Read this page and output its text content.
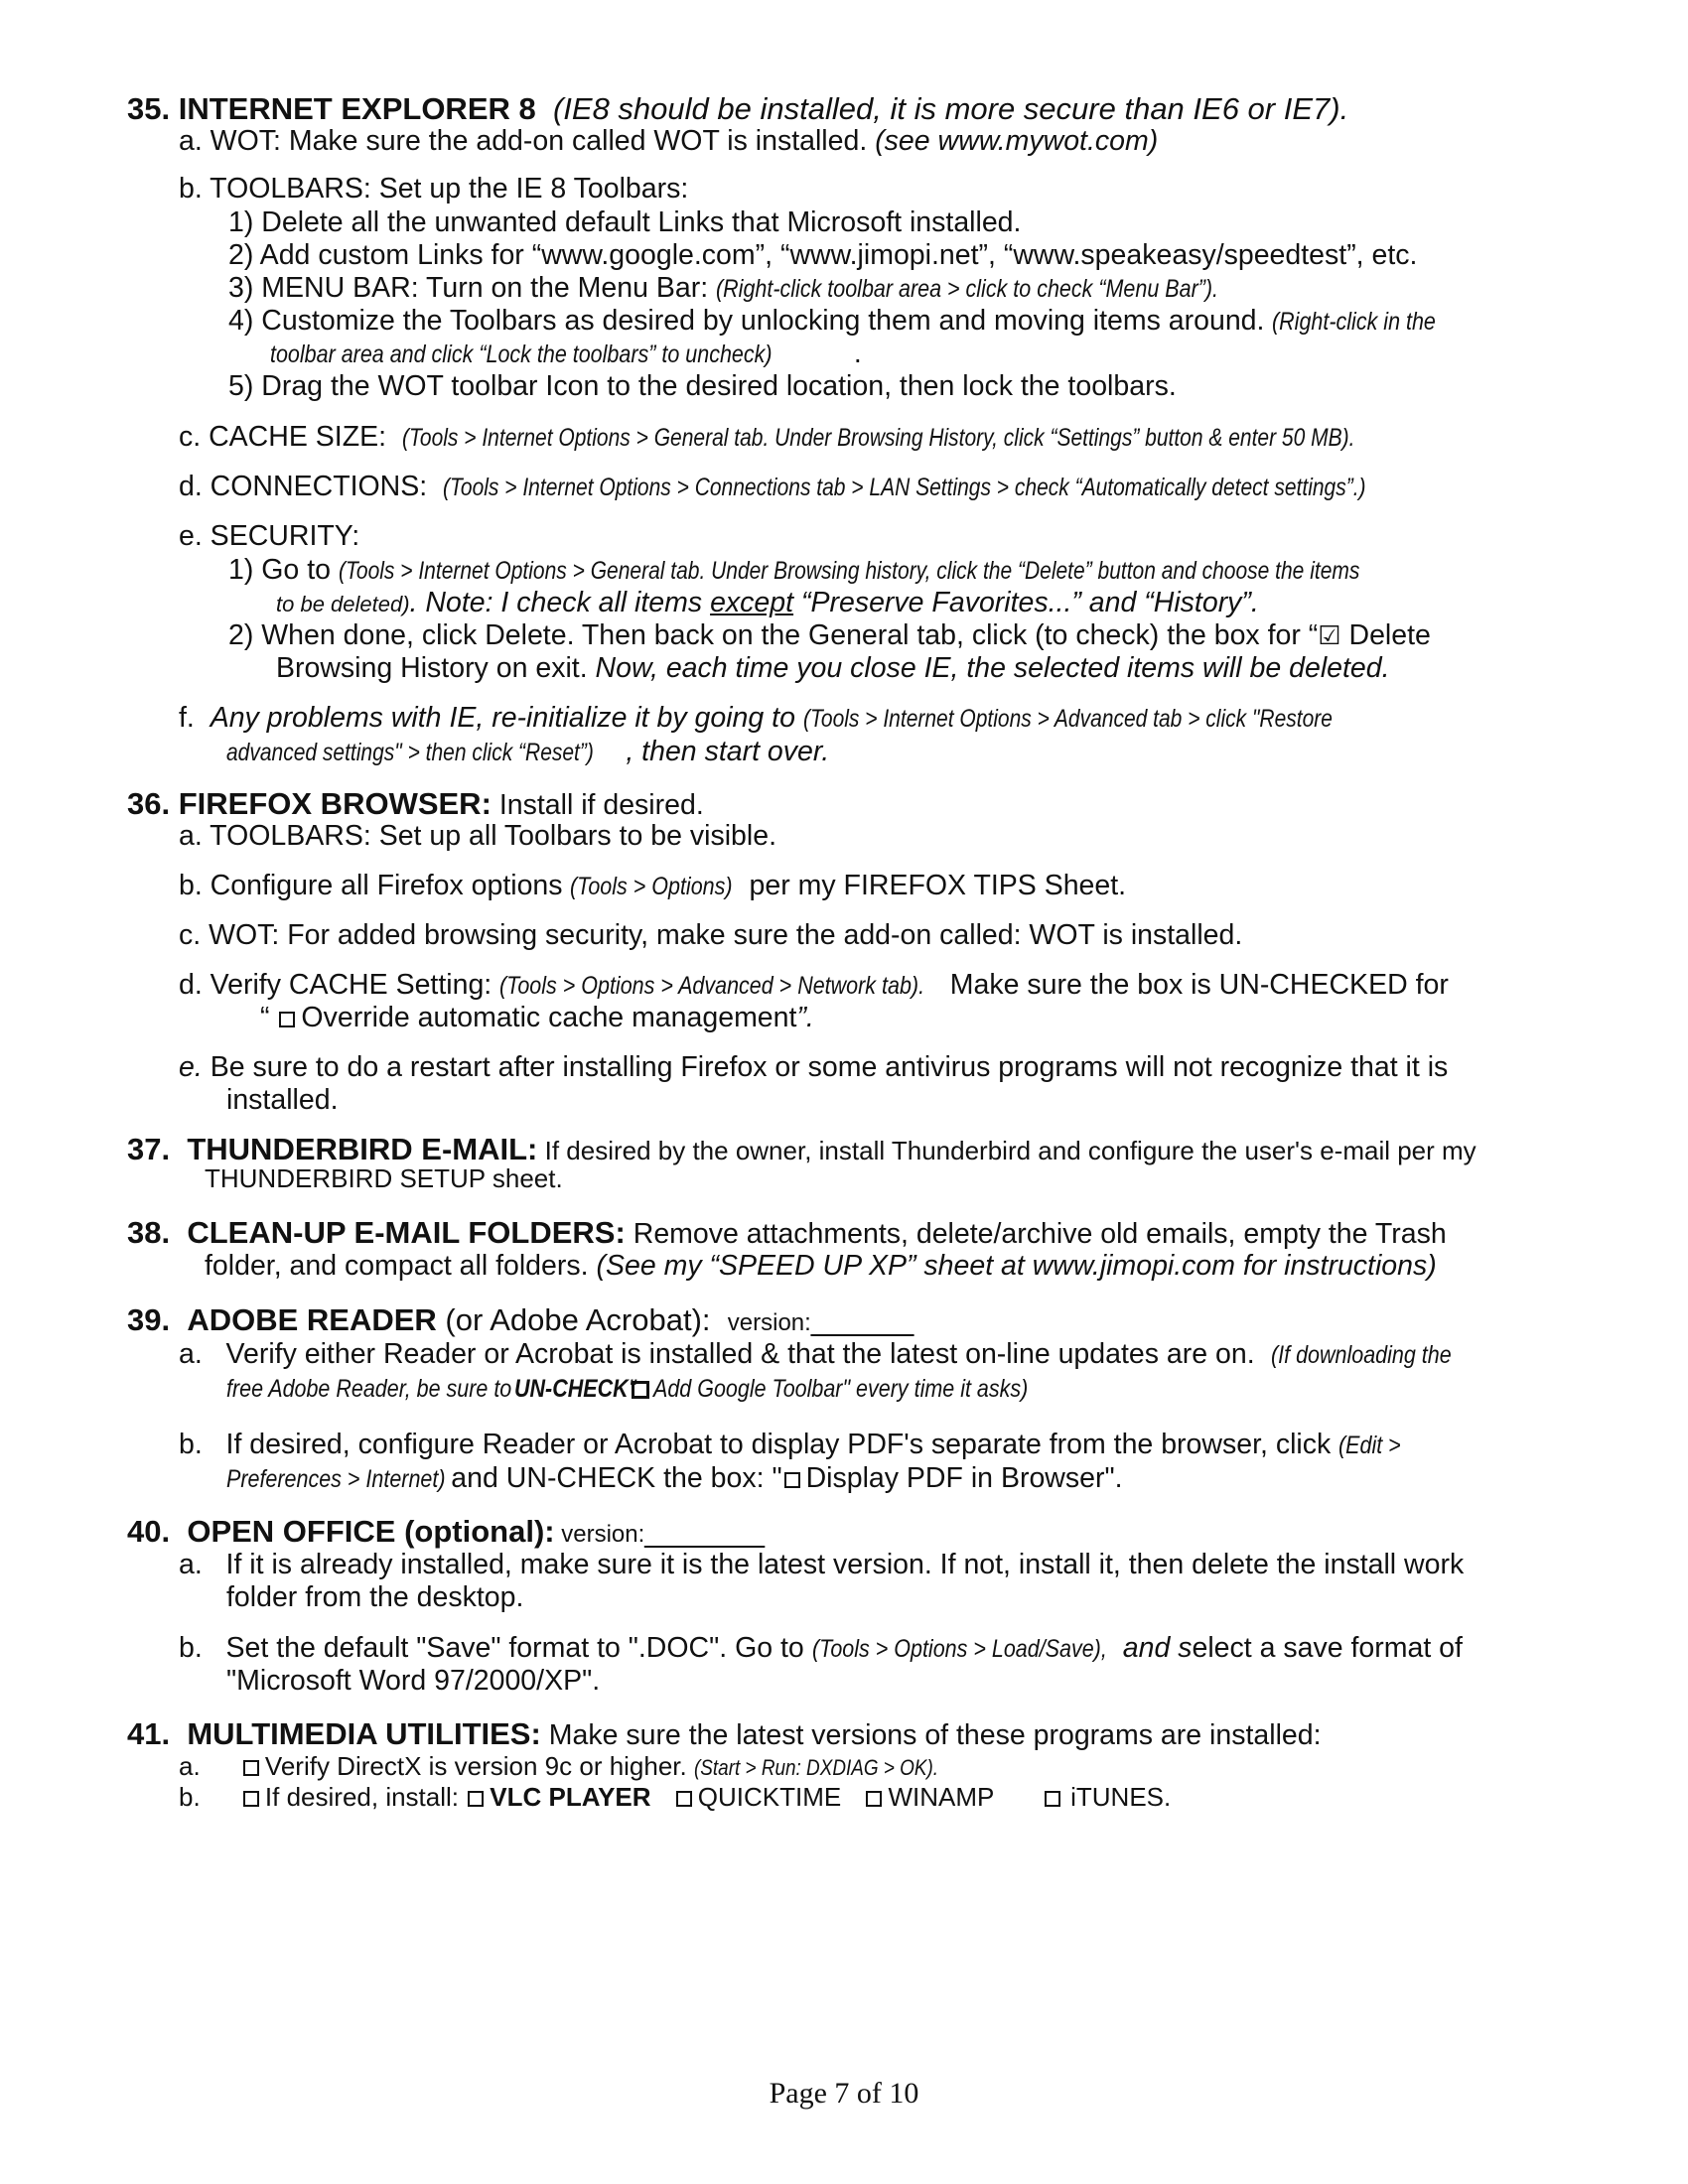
35. INTERNET EXPLORER 8 (IE8 should be installed, it is more secure than IE6 or IE7).
a. WOT: Make sure the add-on called WOT is installed. (see www.mywot.com)
b. TOOLBARS: Set up the IE 8 Toolbars:
1) Delete all the unwanted default Links that Microsoft installed.
2) Add custom Links for “www.google.com”, “www.jimopi.net”, “www.speakeasy/speedtest”, etc.
3) MENU BAR: Turn on the Menu Bar: (Right-click toolbar area > click to check “Menu Bar”).
4) Customize the Toolbars as desired by unlocking them and moving items around. (Right-click in the
toolbar area and click “Lock the toolbars” to uncheck)	.
5) Drag the WOT toolbar Icon to the desired location, then lock the toolbars.
c. CACHE SIZE: (Tools > Internet Options > General tab. Under Browsing History, click “Settings” button & enter 50 MB).
d. CONNECTIONS: (Tools > Internet Options > Connections tab > LAN Settings > check “Automatically detect settings”.)
e. SECURITY:
1) Go to (Tools > Internet Options > General tab. Under Browsing history, click the “Delete” button and choose the items
to be deleted). Note: I check all items except “Preserve Favorites...” and “History”.
2) When done, click Delete. Then back on the General tab, click (to check) the box for “☑ Delete
Browsing History on exit. Now, each time you close IE, the selected items will be deleted.
f. Any problems with IE, re-initialize it by going to (Tools > Internet Options > Advanced tab > click "Restore
advanced settings" > then click “Reset”) , then start over.
36. FIREFOX BROWSER: Install if desired.
a. TOOLBARS: Set up all Toolbars to be visible.
b. Configure all Firefox options (Tools > Options) per my FIREFOX TIPS Sheet.
c. WOT: For added browsing security, make sure the add-on called: WOT is installed.
d. Verify CACHE Setting: (Tools > Options > Advanced > Network tab). Make sure the box is UN-CHECKED for
“ Override automatic cache management”.
e. Be sure to do a restart after installing Firefox or some antivirus programs will not recognize that it is
installed.
37. THUNDERBIRD E-MAIL: If desired by the owner, install Thunderbird and configure the user's e-mail per my
THUNDERBIRD SETUP sheet.
38. CLEAN-UP E-MAIL FOLDERS: Remove attachments, delete/archive old emails, empty the Trash
folder, and compact all folders. (See my “SPEED UP XP” sheet at www.jimopi.com for instructions)
39. ADOBE READER (or Adobe Acrobat): version:______
a. Verify either Reader or Acrobat is installed & that the latest on-line updates are on. (If downloading the
free Adobe Reader, be sure to UN-CHECK" Add Google Toolbar" every time it asks)
b. If desired, configure Reader or Acrobat to display PDF's separate from the browser, click (Edit >
Preferences > Internet) and UN-CHECK the box: " Display PDF in Browser".
40. OPEN OFFICE (optional): version:_______
a. If it is already installed, make sure it is the latest version. If not, install it, then delete the install work
folder from the desktop.
b. Set the default "Save" format to ".DOC". Go to (Tools > Options > Load/Save), and select a save format of
"Microsoft Word 97/2000/XP".
41. MULTIMEDIA UTILITIES: Make sure the latest versions of these programs are installed:
a.	Verify DirectX is version 9c or higher. (Start > Run: DXDIAG > OK).
b.	If desired, install: VLC PLAYER QUICKTIME WINAMP	iTUNES.
Page 7 of 10
